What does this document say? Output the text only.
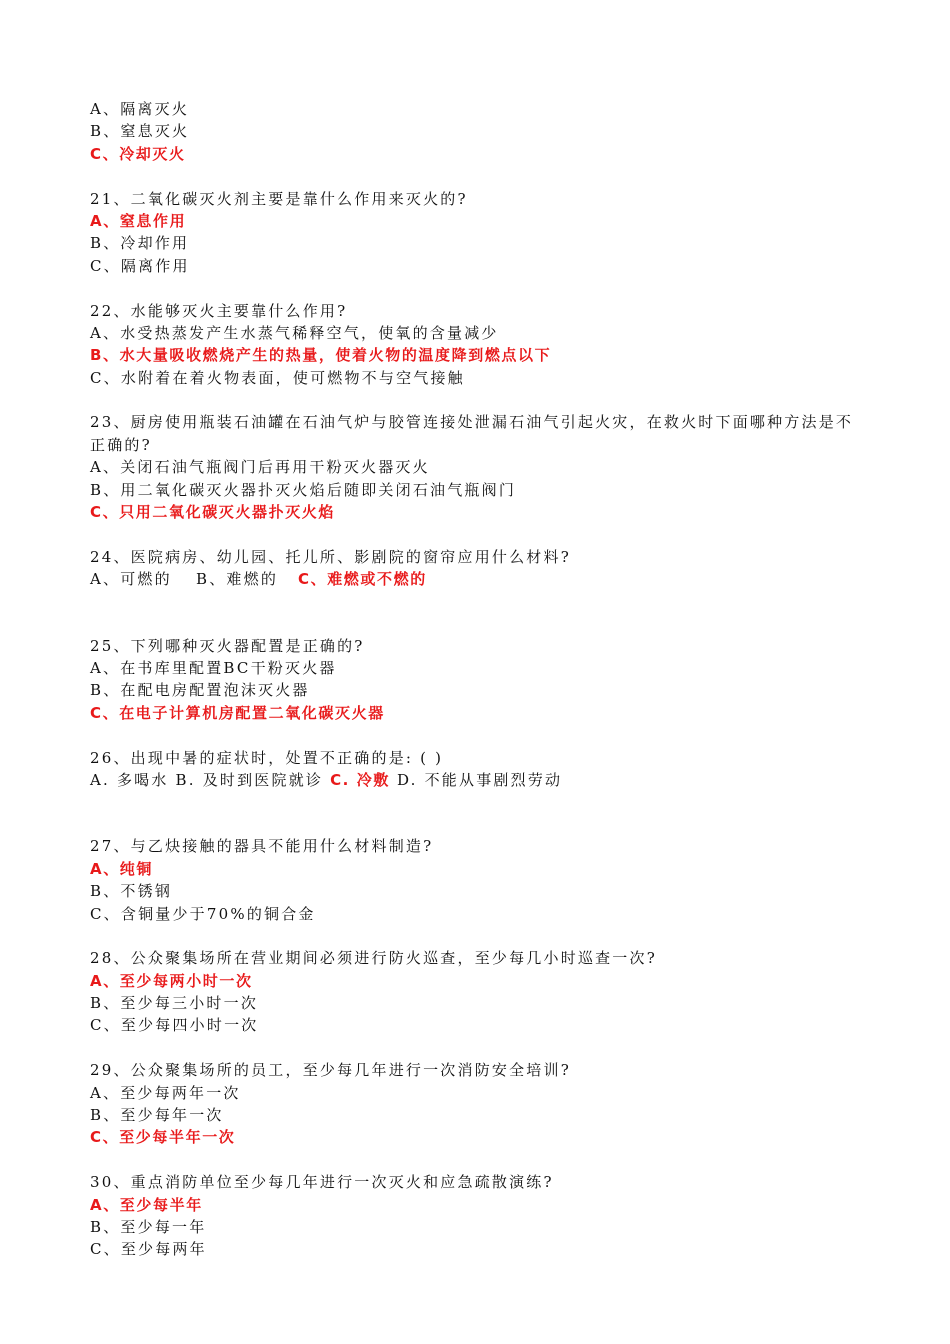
A、隔离灭火
B、窒息灭火
C、冷却灭火
21、二氧化碳灭火剂主要是靠什么作用来灭火的?
A、窒息作用
B、冷却作用
C、隔离作用
22、水能够灭火主要靠什么作用?
A、水受热蒸发产生水蒸气稀释空气，使氧的含量减少
B、水大量吸收燃烧产生的热量，使着火物的温度降到燃点以下
C、水附着在着火物表面，使可燃物不与空气接触
23、厨房使用瓶装石油罐在石油气炉与胶管连接处泄漏石油气引起火灾，在救火时下面哪种方法是不正确的?
A、关闭石油气瓶阀门后再用干粉灭火器灭火
B、用二氧化碳灭火器扑灭火焰后随即关闭石油气瓶阀门
C、只用二氧化碳灭火器扑灭火焰
24、医院病房、幼儿园、托儿所、影剧院的窗帘应用什么材料?
A、可燃的 B、难燃的 C、难燃或不燃的
25、下列哪种灭火器配置是正确的?
A、在书库里配置BC干粉灭火器
B、在配电房配置泡沫灭火器
C、在电子计算机房配置二氧化碳灭火器
26、出现中暑的症状时，处置不正确的是: ( )
A. 多喝水 B. 及时到医院就诊 C. 冷敷 D. 不能从事剧烈劳动
27、与乙炔接触的器具不能用什么材料制造?
A、纯铜
B、不锈钢
C、含铜量少于70%的铜合金
28、公众聚集场所在营业期间必须进行防火巡查，至少每几小时巡查一次?
A、至少每两小时一次
B、至少每三小时一次
C、至少每四小时一次
29、公众聚集场所的员工，至少每几年进行一次消防安全培训?
A、至少每两年一次
B、至少每年一次
C、至少每半年一次
30、重点消防单位至少每几年进行一次灭火和应急疏散演练?
A、至少每半年
B、至少每一年
C、至少每两年
